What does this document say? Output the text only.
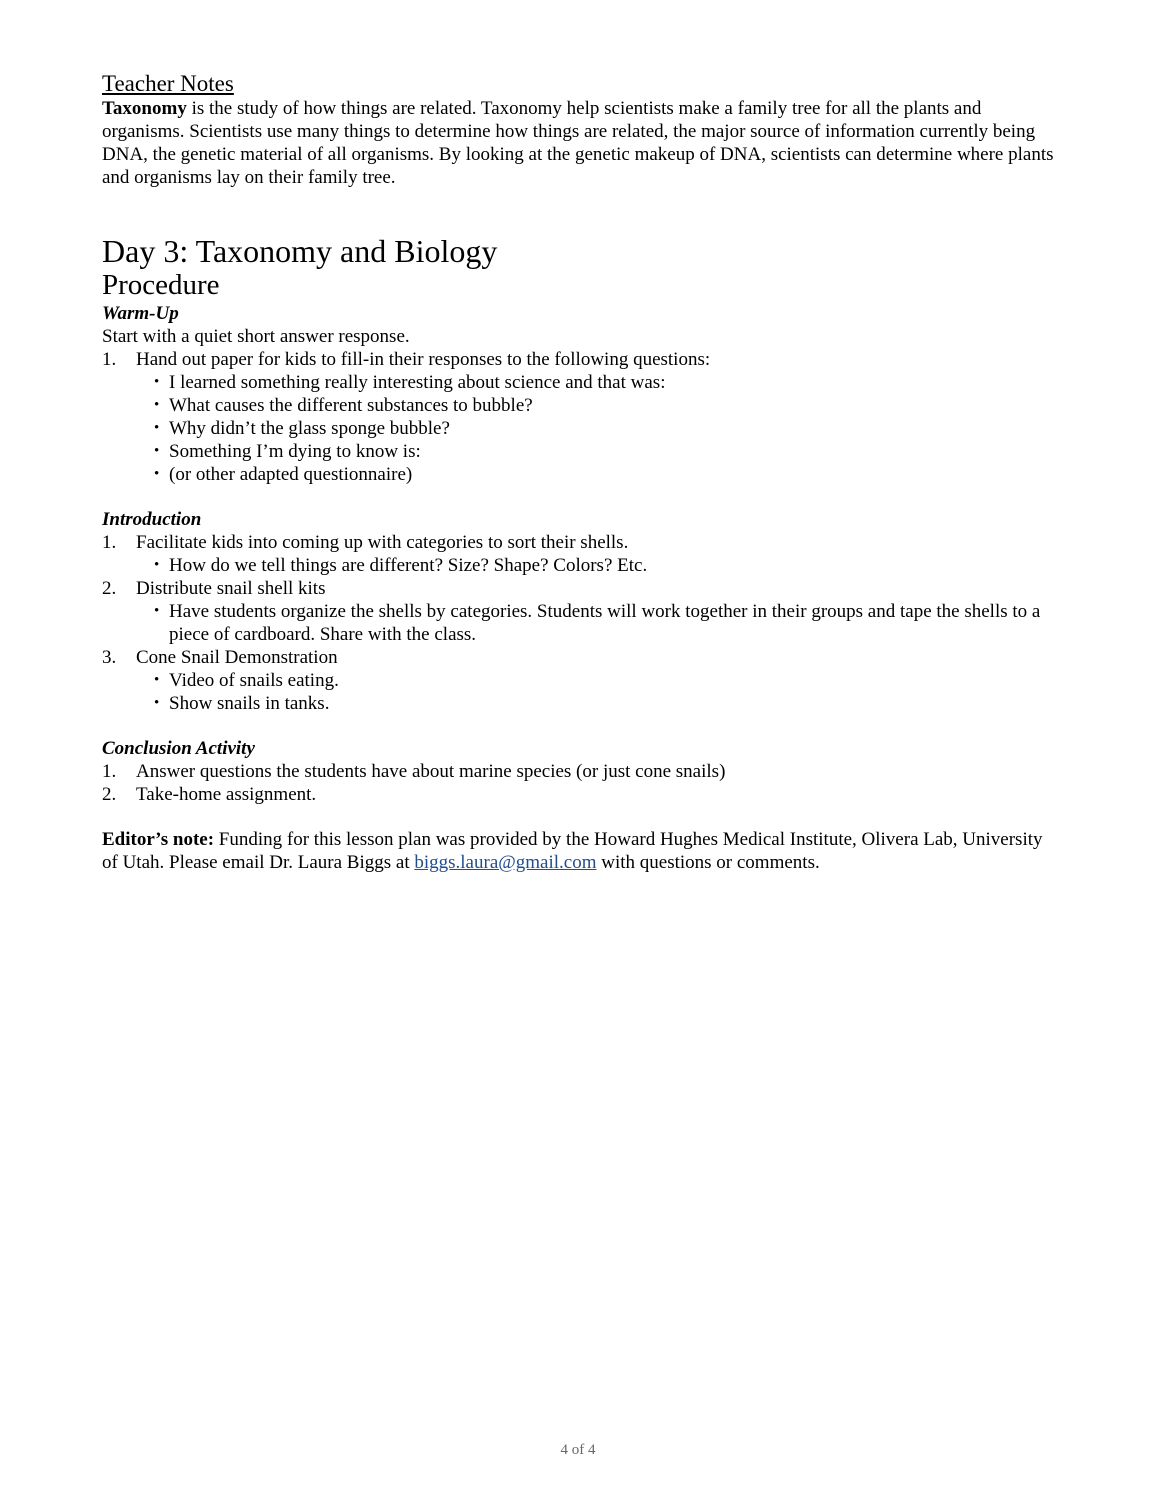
Teacher Notes

Taxonomy is the study of how things are related. Taxonomy help scientists make a family tree for all the plants and organisms. Scientists use many things to determine how things are related, the major source of information currently being DNA, the genetic material of all organisms. By looking at the genetic makeup of DNA, scientists can determine where plants and organisms lay on their family tree.

Day 3: Taxonomy and Biology
Procedure

Warm-Up

Start with a quiet short answer response.

1. Hand out paper for kids to fill-in their responses to the following questions:
• I learned something really interesting about science and that was:
• What causes the different substances to bubble?
• Why didn’t the glass sponge bubble?
• Something I’m dying to know is:
• (or other adapted questionnaire)

Introduction

1. Facilitate kids into coming up with categories to sort their shells.
• How do we tell things are different? Size? Shape? Colors? Etc.
2. Distribute snail shell kits
• Have students organize the shells by categories. Students will work together in their groups and tape the shells to a piece of cardboard. Share with the class.
3. Cone Snail Demonstration
• Video of snails eating.
• Show snails in tanks.

Conclusion Activity

1. Answer questions the students have about marine species (or just cone snails)
2. Take-home assignment.

Editor’s note: Funding for this lesson plan was provided by the Howard Hughes Medical Institute, Olivera Lab, University of Utah. Please email Dr. Laura Biggs at biggs.laura@gmail.com with questions or comments.

4 of 4
